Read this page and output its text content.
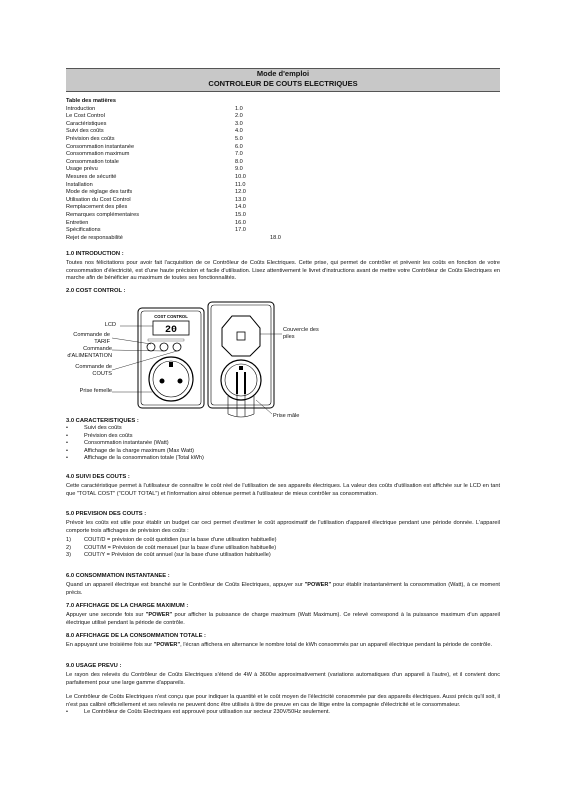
Mode d'emploi
CONTROLEUR DE COUTS ELECTRIQUES
Table des matières
Introduction	1.0
Le Cost Control	2.0
Caractéristiques	3.0
Suivi des coûts	4.0
Prévision des coûts	5.0
Consommation instantanée	6.0
Consommation maximum	7.0
Consommation totale	8.0
Usage prévu	9.0
Mesures de sécurité	10.0
Installation	11.0
Mode de réglage des tarifs	12.0
Utilisation du Cost Control	13.0
Remplacement des piles	14.0
Remarques complémentaires	15.0
Entretien	16.0
Spécifications	17.0
Rejet de responsabilité	18.0
1.0 INTRODUCTION :

Toutes nos félicitations pour avoir fait l'acquisition de ce Contrôleur de Coûts Electriques. Cette prise, qui permet de contrôler et prévenir les coûts en fonction de votre consommation d'électricité, est d'une haute précision et facile d'utilisation. Lisez attentivement le livret d'instructions avant de mettre votre Contrôleur de Coûts Electriques en marche afin de bénéficier au maximum de toutes ses fonctionnalités.

2.0 COST CONTROL :
COST CONTROL
20
LCD
Commande de TARIF
Commande d'ALIMENTATION
Commande de COUTS
Prise femelle
Couvercle des piles
Prise mâle
3.0 CARACTERISTIQUES :
• Suivi des coûts
• Prévision des coûts
• Consommation instantanée (Watt)
• Affichage de la charge maximum (Max Watt)
• Affichage de la consommation totale (Total kWh)
4.0 SUIVI DES COUTS :

Cette caractéristique permet à l'utilisateur de connaître le coût réel de l'utilisation de ses appareils électriques. La valeur des coûts d'utilisation est affichée sur le LCD en tant que "TOTAL COST" ("COUT TOTAL") et l'information ainsi obtenue permet à l'utilisateur de mieux contrôler sa consommation.

5.0 PREVISION DES COUTS :

Prévoir les coûts est utile pour établir un budget car ceci permet d'estimer le coût approximatif de l'utilisation d'appareil électrique pendant une période donnée. L'appareil comporte trois affichages de prévision des coûts :

1) COUT/D = prévision de coût quotidien (sur la base d'une utilisation habituelle)
2) COUT/M = Prévision de coût mensuel (sur la base d'une utilisation habituelle)
3) COUT/Y = Prévision de coût annuel (sur la base d'une utilisation habituelle)
6.0 CONSOMMATION INSTANTANEE :

Quand un appareil électrique est branché sur le Contrôleur de Coûts Electriques, appuyer sur "POWER" pour établir instantanément la consommation (Watt), à ce moment précis.

7.0 AFFICHAGE DE LA CHARGE MAXIMUM :

Appuyer une seconde fois sur "POWER" pour afficher la puissance de charge maximum (Watt Maximum). Ce relevé correspond à la puissance maximum d'un appareil électrique utilisé pendant la période de contrôle.

8.0 AFFICHAGE DE LA CONSOMMATION TOTALE :

En appuyant une troisième fois sur "POWER", l'écran affichera en alternance le nombre total de kWh consommés par un appareil électrique pendant la période de contrôle.

9.0 USAGE PREVU :

Le rayon des relevés du Contrôleur de Coûts Electriques s'étend de 4W à 3600w approximativement (variations automatiques d'un appareil à l'autre), et il convient donc parfaitement pour une large gamme d'appareils.

Le Contrôleur de Coûts Electriques n'est conçu que pour indiquer la quantité et le coût moyen de l'électricité consommée par des appareils électriques. Aussi précis qu'il soit, il n'est pas calibré officiellement et ses relevés ne peuvent donc être utilisés à titre de preuve en cas de litige entre la compagnie d'électricité et le consommateur.

• Le Contrôleur de Coûts Electriques est approuvé pour utilisation sur secteur 230V/50Hz seulement.
